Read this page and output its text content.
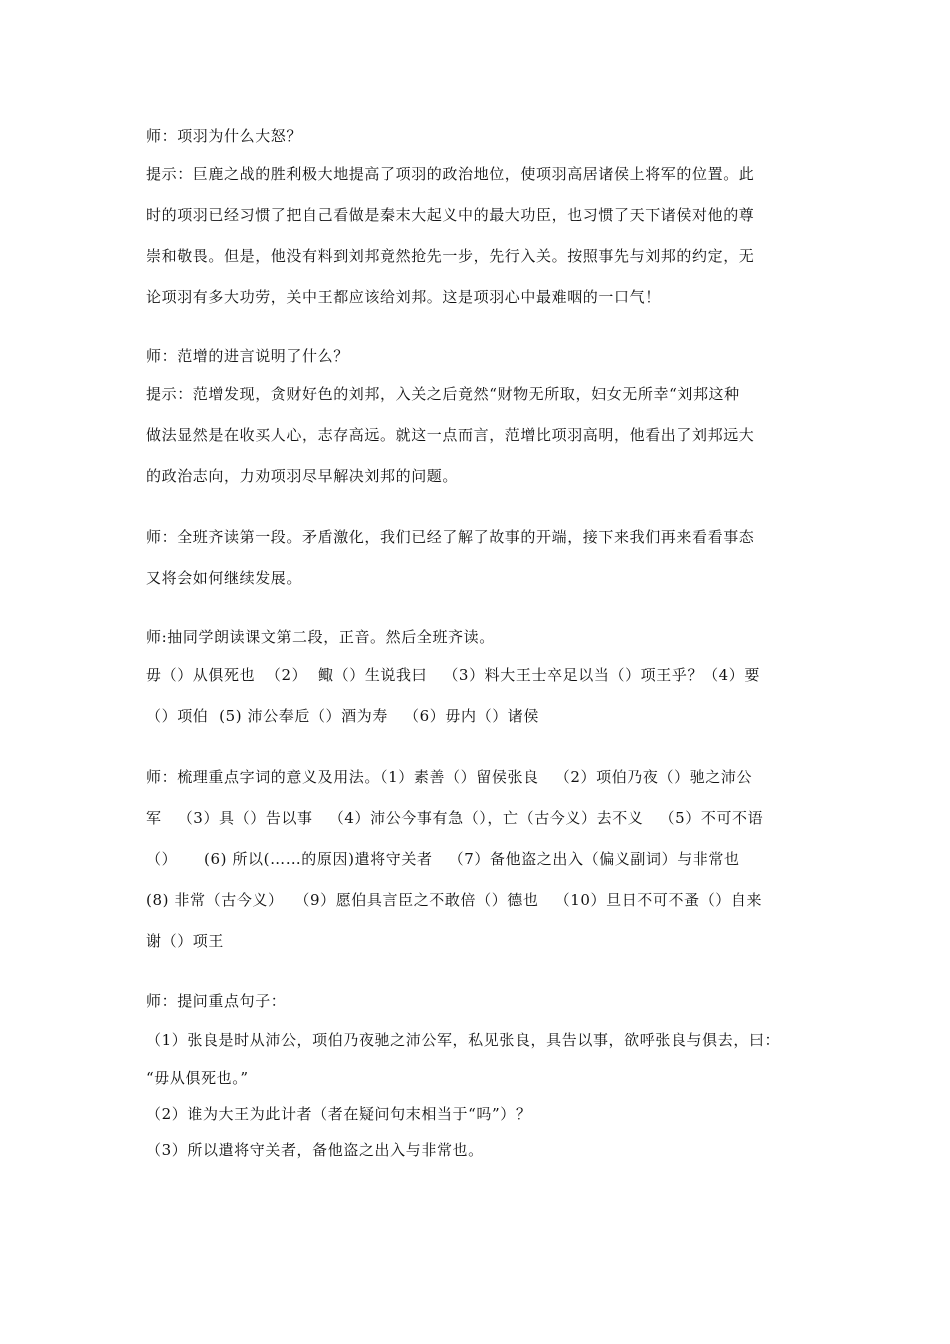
师：项羽为什么大怒？
提示：巨鹿之战的胜利极大地提高了项羽的政治地位，使项羽高居诸侯上将军的位置。此
时的项羽已经习惯了把自己看做是秦末大起义中的最大功臣，也习惯了天下诸侯对他的尊
崇和敬畏。但是，他没有料到刘邦竟然抢先一步，先行入关。按照事先与刘邦的约定，无
论项羽有多大功劳，关中王都应该给刘邦。这是项羽心中最难咽的一口气！
师：范增的进言说明了什么？
提示：范增发现，贪财好色的刘邦，入关之后竟然“财物无所取，妇女无所幸“刘邦这种
做法显然是在收买人心，志存高远。就这一点而言，范增比项羽高明，他看出了刘邦远大
的政治志向，力劝项羽尽早解决刘邦的问题。
师：全班齐读第一段。矛盾激化，我们已经了解了故事的开端，接下来我们再来看看事态
又将会如何继续发展。
师:抽同学朗读课文第二段，正音。然后全班齐读。
毋（）从俱死也  （2）  鲰（）生说我曰   （3）料大王士卒足以当（）项王乎？（4）要
（）项伯  (5) 沛公奉卮（）酒为寿   （6）毋内（）诸侯
师：梳理重点字词的意义及用法。（1）素善（）留侯张良   （2）项伯乃夜（）驰之沛公
军   （3）具（）告以事   （4）沛公今事有急（），亡（古今义）去不义   （5）不可不语
（）     (6) 所以(……的原因)遣将守关者   （7）备他盗之出入（偏义副词）与非常也
(8) 非常（古今义）  （9）愿伯具言臣之不敢倍（）德也   （10）旦日不可不蚤（）自来
谢（）项王
师：提问重点句子：
（1）张良是时从沛公，项伯乃夜驰之沛公军，私见张良，具告以事，欲呼张良与俱去，曰：
“毋从俱死也。”
（2）谁为大王为此计者（者在疑问句末相当于“吗”）？
（3）所以遣将守关者，备他盗之出入与非常也。
